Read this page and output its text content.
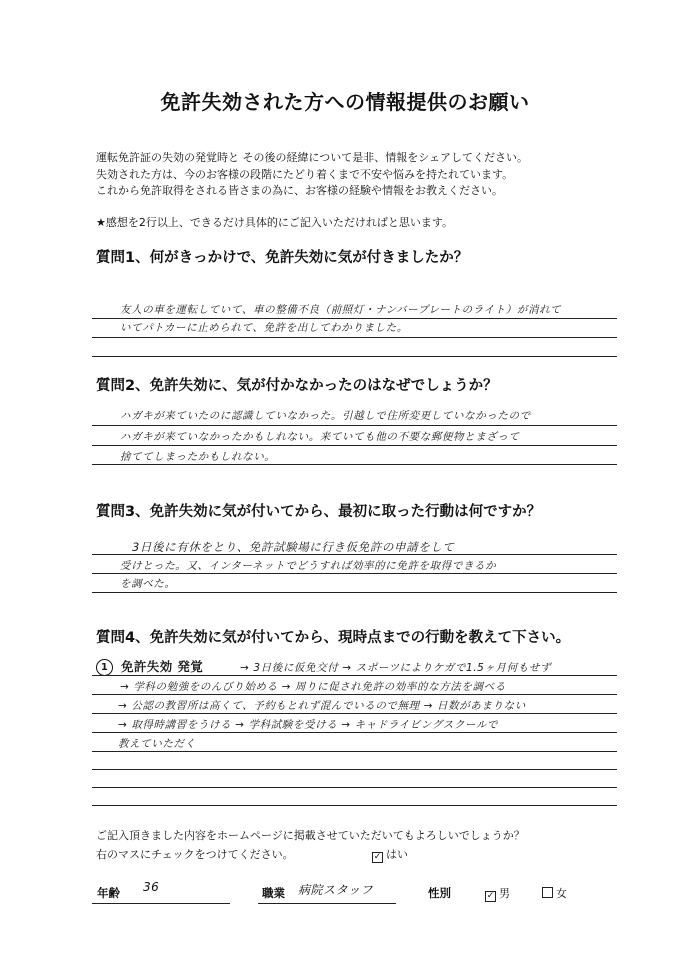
免許失効された方への情報提供のお願い
運転免許証の失効の発覚時と その後の経緯について是非、情報をシェアしてください。
失効された方は、今のお客様の段階にたどり着くまで不安や悩みを持たれています。
これから免許取得をされる皆さまの為に、お客様の経験や情報をお教えください。
★感想を2行以上、できるだけ具体的にご記入いただければと思います。
質問1、何がきっかけで、免許失効に気が付きましたか？
友人の車を運転していて、車の整備不良（前照灯・ナンバープレートのライト）が消れて
いてパトカーに止められて、免許を出してわかりました。
質問2、免許失効に、気が付かなかったのはなぜでしょうか？
ハガキが来ていたのに認識していなかった。引越しで住所変更していなかったので
ハガキが来ていなかったかもしれない。来ていても他の不要な郵便物とまざって
捨ててしまったかもしれない。
質問3、免許失効に気が付いてから、最初に取った行動は何ですか？
3日後に有休をとり、免許試験場に行き仮免許の申請をして
受けとった。又、インターネットでどうすれば効率的に免許を取得できるか
を調べた。
質問4、免許失効に気が付いてから、現時点までの行動を教えて下さい。
1 免許失効 発覚	→ 3日後に仮免交付 → スポーツによりケガで1.5ヶ月何もせず
→ 学科の勉強をのんびり始める → 周りに促され免許の効率的な方法を調べる
→ 公認の教習所は高くて、予約もとれず混んでいるので無理 → 日数があまりない
→ 取得時講習をうける → 学科試験を受ける → キャドライビングスクールで
教えていただく
ご記入頂きました内容をホームページに掲載させていただいてもよろしいでしょうか？
右のマスにチェックをつけてください。	✓ はい
年齢 36	職業 病院スタッフ	性別	✓ 男	女
